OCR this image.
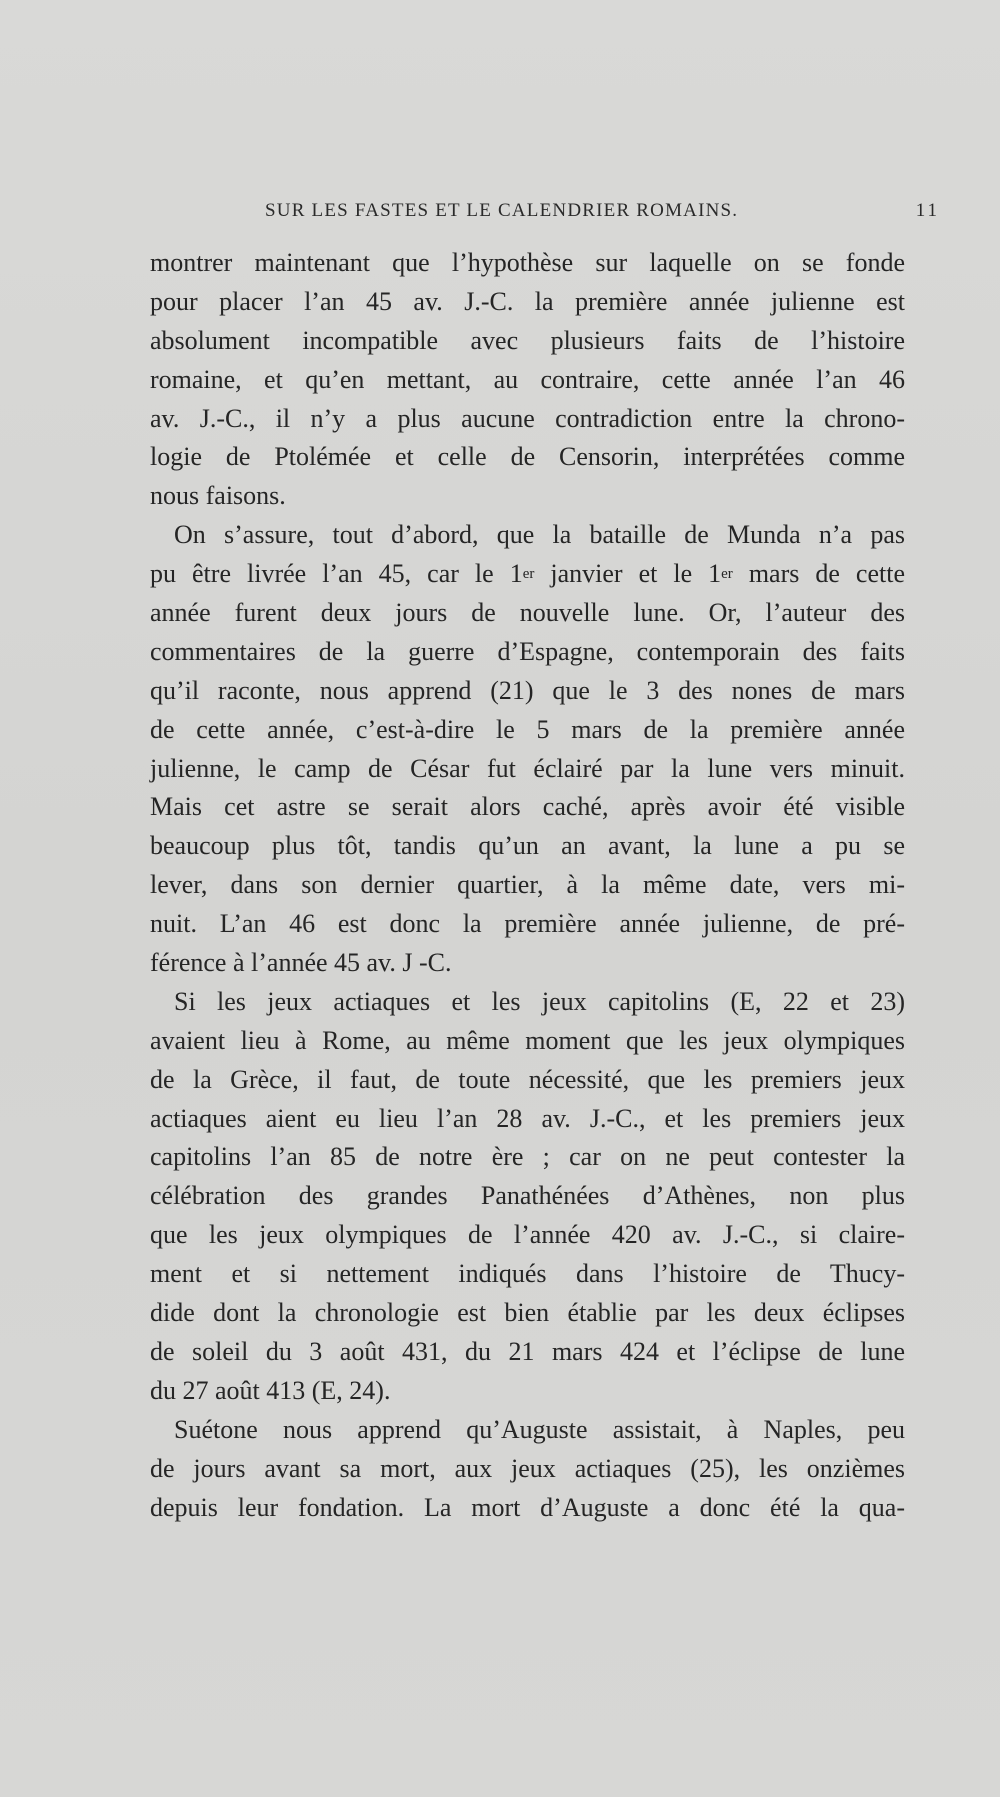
SUR LES FASTES ET LE CALENDRIER ROMAINS.	11
montrer maintenant que l’hypothèse sur laquelle on se fonde
pour placer l’an 45 av. J.-C. la première année julienne est
absolument incompatible avec plusieurs faits de l’histoire
romaine, et qu’en mettant, au contraire, cette année l’an 46
av. J.-C., il n’y a plus aucune contradiction entre la chrono-
logie de Ptolémée et celle de Censorin, interprétées comme
nous faisons.
On s’assure, tout d’abord, que la bataille de Munda n’a pas
pu être livrée l’an 45, car le 1er janvier et le 1er mars de cette
année furent deux jours de nouvelle lune. Or, l’auteur des
commentaires de la guerre d’Espagne, contemporain des faits
qu’il raconte, nous apprend (21) que le 3 des nones de mars
de cette année, c’est-à-dire le 5 mars de la première année
julienne, le camp de César fut éclairé par la lune vers minuit.
Mais cet astre se serait alors caché, après avoir été visible
beaucoup plus tôt, tandis qu’un an avant, la lune a pu se
lever, dans son dernier quartier, à la même date, vers mi-
nuit. L’an 46 est donc la première année julienne, de pré-
férence à l’année 45 av. J -C.
Si les jeux actiaques et les jeux capitolins (E, 22 et 23)
avaient lieu à Rome, au même moment que les jeux olympiques
de la Grèce, il faut, de toute nécessité, que les premiers jeux
actiaques aient eu lieu l’an 28 av. J.-C., et les premiers jeux
capitolins l’an 85 de notre ère ; car on ne peut contester la
célébration des grandes Panathénées d’Athènes, non plus
que les jeux olympiques de l’année 420 av. J.-C., si claire-
ment et si nettement indiqués dans l’histoire de Thucy-
dide dont la chronologie est bien établie par les deux éclipses
de soleil du 3 août 431, du 21 mars 424 et l’éclipse de lune
du 27 août 413 (E, 24).
Suétone nous apprend qu’Auguste assistait, à Naples, peu
de jours avant sa mort, aux jeux actiaques (25), les onzièmes
depuis leur fondation. La mort d’Auguste a donc été la qua-
